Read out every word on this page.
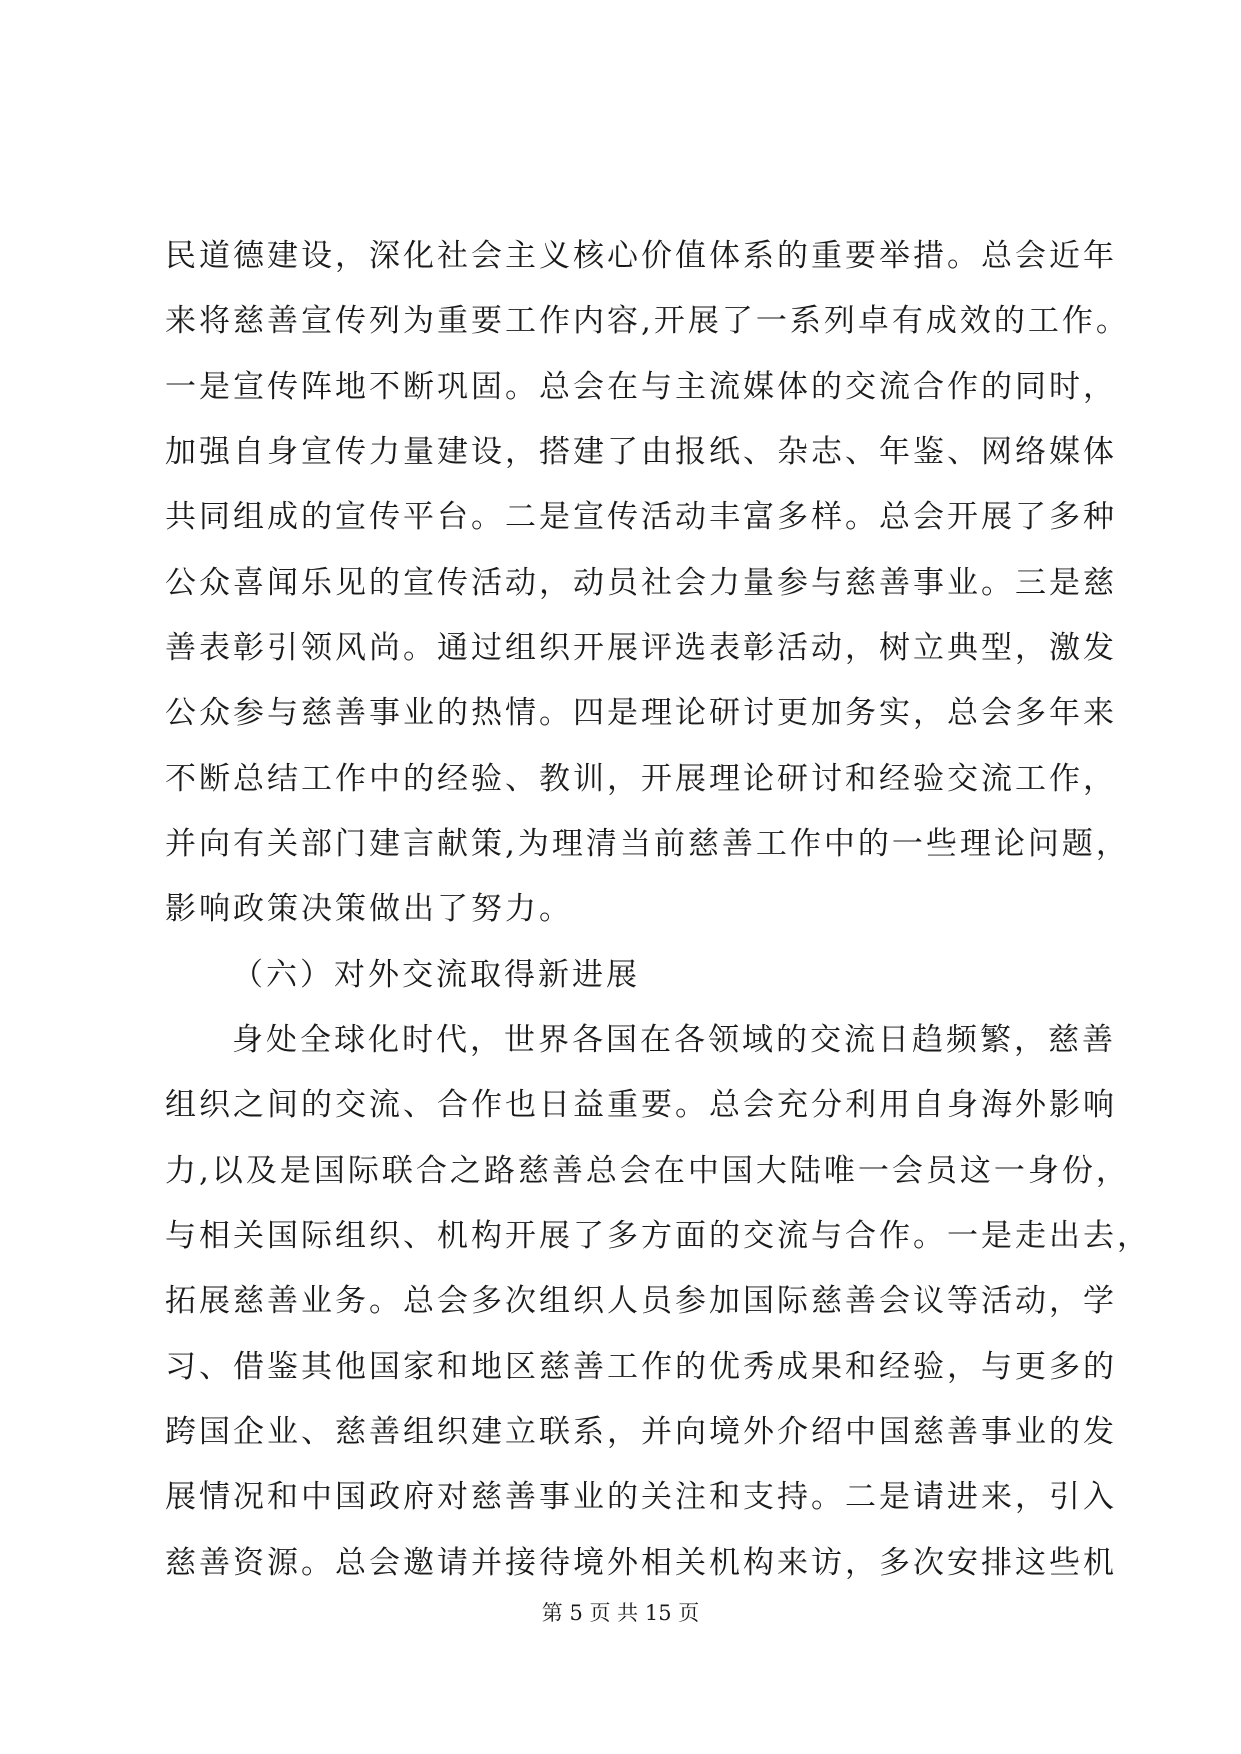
民道德建设，深化社会主义核心价值体系的重要举措。总会近年
来将慈善宣传列为重要工作内容,开展了一系列卓有成效的工作。
一是宣传阵地不断巩固。总会在与主流媒体的交流合作的同时，
加强自身宣传力量建设，搭建了由报纸、杂志、年鉴、网络媒体
共同组成的宣传平台。二是宣传活动丰富多样。总会开展了多种
公众喜闻乐见的宣传活动，动员社会力量参与慈善事业。三是慈
善表彰引领风尚。通过组织开展评选表彰活动，树立典型，激发
公众参与慈善事业的热情。四是理论研讨更加务实，总会多年来
不断总结工作中的经验、教训，开展理论研讨和经验交流工作，
并向有关部门建言献策,为理清当前慈善工作中的一些理论问题，
影响政策决策做出了努力。
（六）对外交流取得新进展
身处全球化时代，世界各国在各领域的交流日趋频繁，慈善
组织之间的交流、合作也日益重要。总会充分利用自身海外影响
力,以及是国际联合之路慈善总会在中国大陆唯一会员这一身份，
与相关国际组织、机构开展了多方面的交流与合作。一是走出去，
拓展慈善业务。总会多次组织人员参加国际慈善会议等活动，学
习、借鉴其他国家和地区慈善工作的优秀成果和经验，与更多的
跨国企业、慈善组织建立联系，并向境外介绍中国慈善事业的发
展情况和中国政府对慈善事业的关注和支持。二是请进来，引入
慈善资源。总会邀请并接待境外相关机构来访，多次安排这些机
第 5 页 共 15 页
